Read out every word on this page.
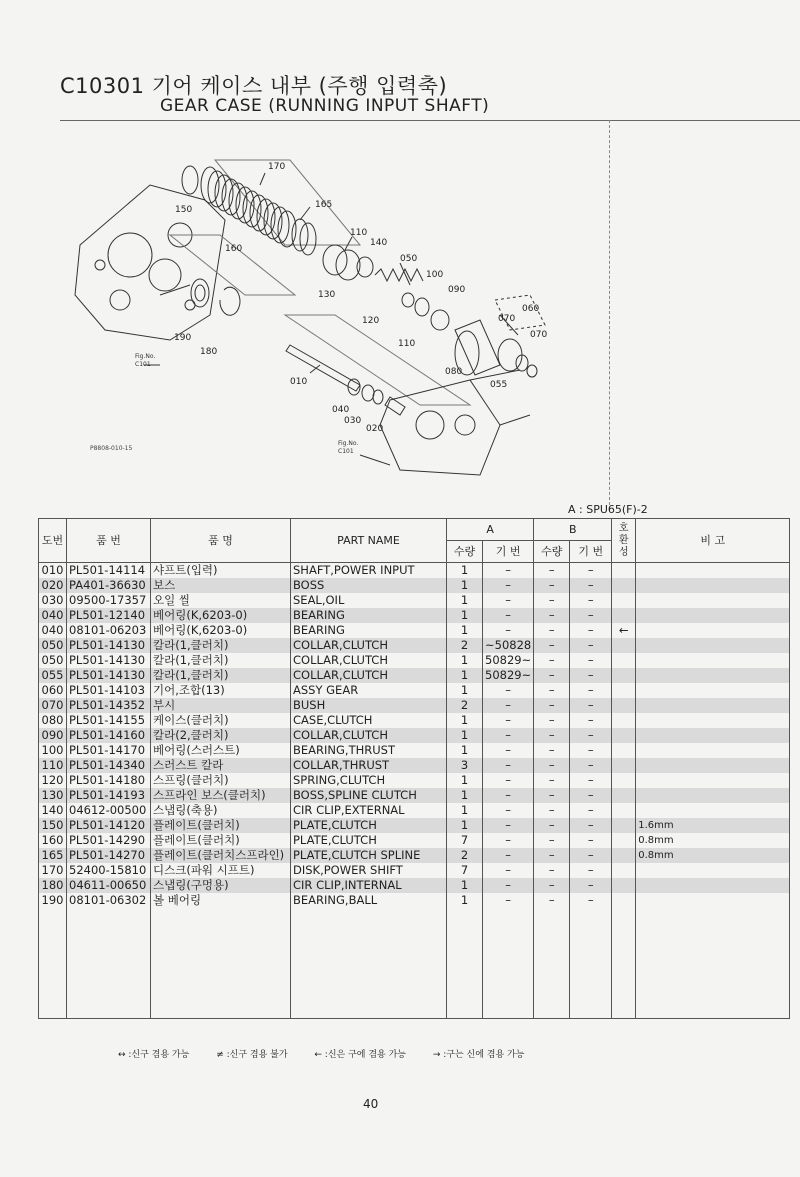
C10301 기어 케이스 내부 (주행 입력축)
GEAR CASE (RUNNING INPUT SHAFT)
170
150	165
160
110
140
050
100
090
060
070
070
130
120
110
080
190
180
010
040
030
020
055
Fig.No.
C101
Fig.No.
C101
P8808-010-15
A : SPU65(F)-2
도번	품 번	품 명	PART NAME	A		B		호환성	비 고
				수량	기 번	수량	기 번		
010	PL501-14114	샤프트(입력)	SHAFT,POWER INPUT	1	–	–	–		
020	PA401-36630	보스	BOSS	1	–	–	–		
030	09500-17357	오일 씰	SEAL,OIL	1	–	–	–		
040	PL501-12140	베어링(K,6203-0)	BEARING	1	–	–	–		
040	08101-06203	베어링(K,6203-0)	BEARING	1	–	–	–	←	
050	PL501-14130	칼라(1,클러치)	COLLAR,CLUTCH	2	~50828	–	–		
050	PL501-14130	칼라(1,클러치)	COLLAR,CLUTCH	1	50829~	–	–		
055	PL501-14130	칼라(1,클러치)	COLLAR,CLUTCH	1	50829~	–	–		
060	PL501-14103	기어,조합(13)	ASSY GEAR	1	–	–	–		
070	PL501-14352	부시	BUSH	2	–	–	–		
080	PL501-14155	케이스(클러치)	CASE,CLUTCH	1	–	–	–		
090	PL501-14160	칼라(2,클러치)	COLLAR,CLUTCH	1	–	–	–		
100	PL501-14170	베어링(스러스트)	BEARING,THRUST	1	–	–	–		
110	PL501-14340	스러스트 칼라	COLLAR,THRUST	3	–	–	–		
120	PL501-14180	스프링(클러치)	SPRING,CLUTCH	1	–	–	–		
130	PL501-14193	스프라인 보스(클러치)	BOSS,SPLINE CLUTCH	1	–	–	–		
140	04612-00500	스냅링(축용)	CIR CLIP,EXTERNAL	1	–	–	–		
150	PL501-14120	플레이트(클러치)	PLATE,CLUTCH	1	–	–	–		1.6mm
160	PL501-14290	플레이트(클러치)	PLATE,CLUTCH	7	–	–	–		0.8mm
165	PL501-14270	플레이트(클러치스프라인)	PLATE,CLUTCH SPLINE	2	–	–	–		0.8mm
170	52400-15810	디스크(파워 시프트)	DISK,POWER SHIFT	7	–	–	–		
180	04611-00650	스냅링(구멍용)	CIR CLIP,INTERNAL	1	–	–	–		
190	08101-06302	볼 베어링	BEARING,BALL	1	–	–	–		

↔ :신구 겸용 가능	≠ :신구 겸용 불가	← :신은 구에 겸용 가능	→ :구는 신에 겸용 가능
40
